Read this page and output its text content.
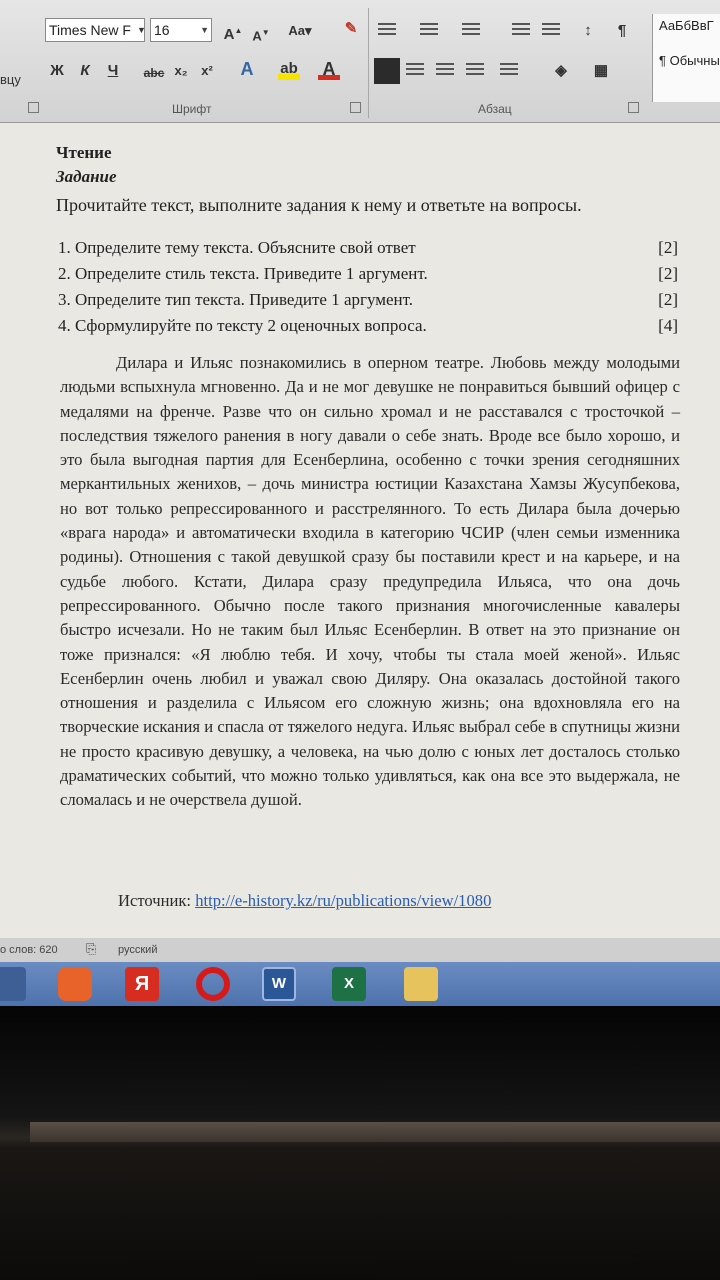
вцу
Times New F ▼ 16	▼ A▲ A▼ Aa▾	✎	↕	¶
Ж К Ч	abc x₂ x² A	ab A	◈	▦
Шрифт	Абзац
АаБбВвГ
¶ Обычны
Чтение
Задание
Прочитайте текст, выполните задания к нему и ответьте на вопросы.
1. Определите тему текста. Объясните свой ответ	[2]
2. Определите стиль текста. Приведите 1 аргумент.	[2]
3. Определите тип текста. Приведите 1 аргумент.	[2]
4. Сформулируйте по тексту 2 оценочных вопроса.	[4]

Дилара и Ильяс познакомились в оперном театре. Любовь между молодыми людьми вспыхнула мгновенно. Да и не мог девушке не понравиться бывший офицер с медалями на френче. Разве что он сильно хромал и не расставался с тросточкой – последствия тяжелого ранения в ногу давали о себе знать. Вроде все было хорошо, и это была выгодная партия для Есенберлина, особенно с точки зрения сегодняшних меркантильных женихов, – дочь министра юстиции Казахстана Хамзы Жусупбекова, но вот только репрессированного и расстрелянного. То есть Дилара была дочерью «врага народа» и автоматически входила в категорию ЧСИР (член семьи изменника родины). Отношения с такой девушкой сразу бы поставили крест и на карьере, и на судьбе любого. Кстати, Дилара сразу предупредила Ильяса, что она дочь репрессированного. Обычно после такого признания многочисленные кавалеры быстро исчезали. Но не таким был Ильяс Есенберлин. В ответ на это признание он тоже признался: «Я люблю тебя. И хочу, чтобы ты стала моей женой». Ильяс Есенберлин очень любил и уважал свою Диляру. Она оказалась достойной такого отношения и разделила с Ильясом его сложную жизнь; она вдохновляла его на творческие искания и спасла от тяжелого недуга. Ильяс выбрал себе в спутницы жизни не просто красивую девушку, а человека, на чью долю с юных лет досталось столько драматических событий, что можно только удивляться, как она все это выдержала, не сломалась и не очерствела душой.

Источник: http://e-history.kz/ru/publications/view/1080
о слов: 620 ⎘ русский
Я	W	X
